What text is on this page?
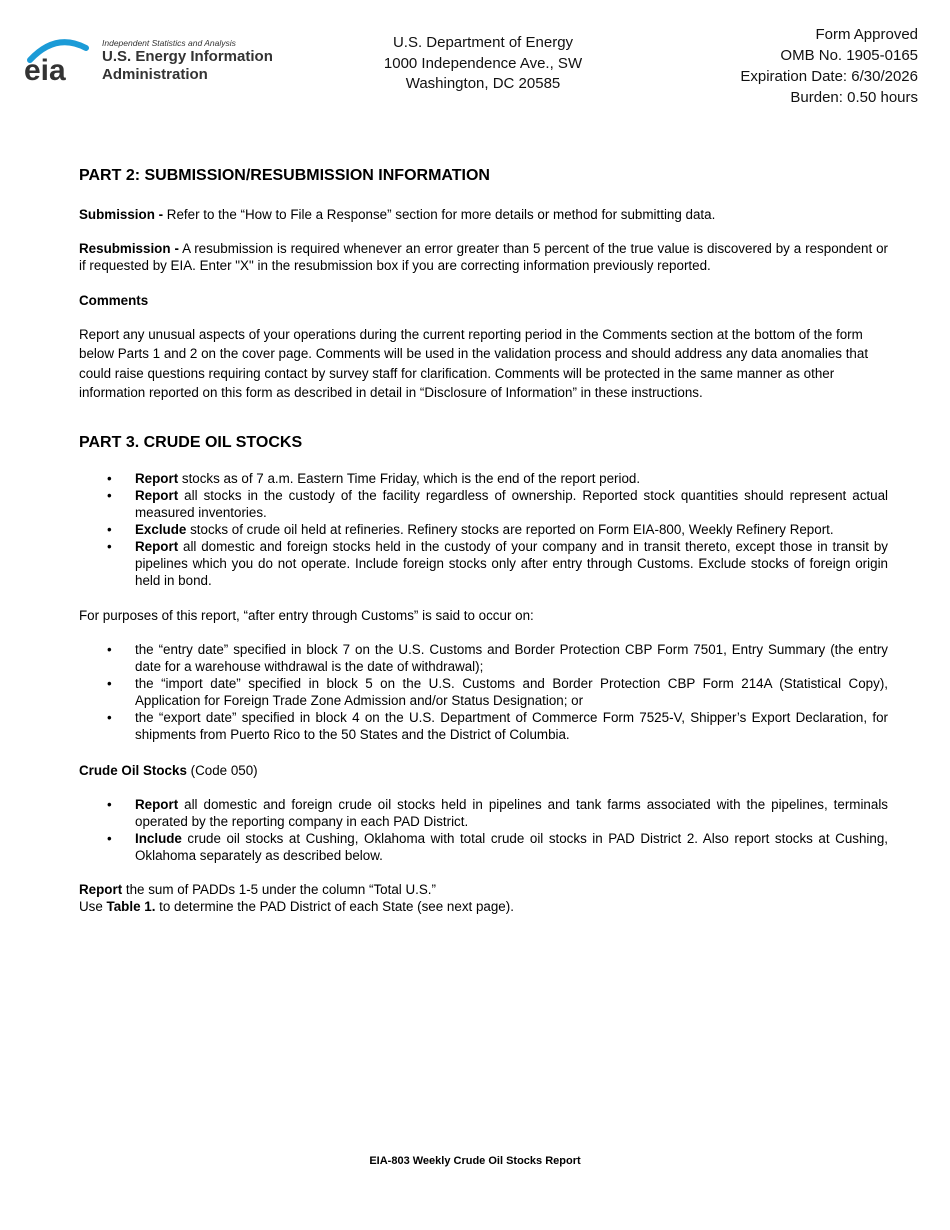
eia
Independent Statistics and Analysis
U.S. Energy Information
Administration
U.S. Department of Energy
1000 Independence Ave., SW
Washington, DC 20585
Form Approved
OMB No. 1905-0165
Expiration Date: 6/30/2026
Burden: 0.50 hours
PART 2: SUBMISSION/RESUBMISSION INFORMATION

Submission - Refer to the “How to File a Response” section for more details or method for submitting data.

Resubmission - A resubmission is required whenever an error greater than 5 percent of the true value is discovered by a respondent or if requested by EIA. Enter "X" in the resubmission box if you are correcting information previously reported.

Comments

Report any unusual aspects of your operations during the current reporting period in the Comments section at the bottom of the form below Parts 1 and 2 on the cover page. Comments will be used in the validation process and should address any data anomalies that could raise questions requiring contact by survey staff for clarification. Comments will be protected in the same manner as other information reported on this form as described in detail in “Disclosure of Information” in these instructions.

PART 3. CRUDE OIL STOCKS
• Report stocks as of 7 a.m. Eastern Time Friday, which is the end of the report period.
• Report all stocks in the custody of the facility regardless of ownership. Reported stock quantities should represent actual measured inventories.
• Exclude stocks of crude oil held at refineries. Refinery stocks are reported on Form EIA-800, Weekly Refinery Report.
• Report all domestic and foreign stocks held in the custody of your company and in transit thereto, except those in transit by pipelines which you do not operate. Include foreign stocks only after entry through Customs. Exclude stocks of foreign origin held in bond.

For purposes of this report, “after entry through Customs” is said to occur on:

• the “entry date” specified in block 7 on the U.S. Customs and Border Protection CBP Form 7501, Entry Summary (the entry date for a warehouse withdrawal is the date of withdrawal);
• the “import date” specified in block 5 on the U.S. Customs and Border Protection CBP Form 214A (Statistical Copy), Application for Foreign Trade Zone Admission and/or Status Designation; or
• the “export date” specified in block 4 on the U.S. Department of Commerce Form 7525-V, Shipper’s Export Declaration, for shipments from Puerto Rico to the 50 States and the District of Columbia.

Crude Oil Stocks (Code 050)

• Report all domestic and foreign crude oil stocks held in pipelines and tank farms associated with the pipelines, terminals operated by the reporting company in each PAD District.
• Include crude oil stocks at Cushing, Oklahoma with total crude oil stocks in PAD District 2. Also report stocks at Cushing, Oklahoma separately as described below.

Report the sum of PADDs 1-5 under the column “Total U.S.”

Use Table 1. to determine the PAD District of each State (see next page).

EIA-803 Weekly Crude Oil Stocks Report
